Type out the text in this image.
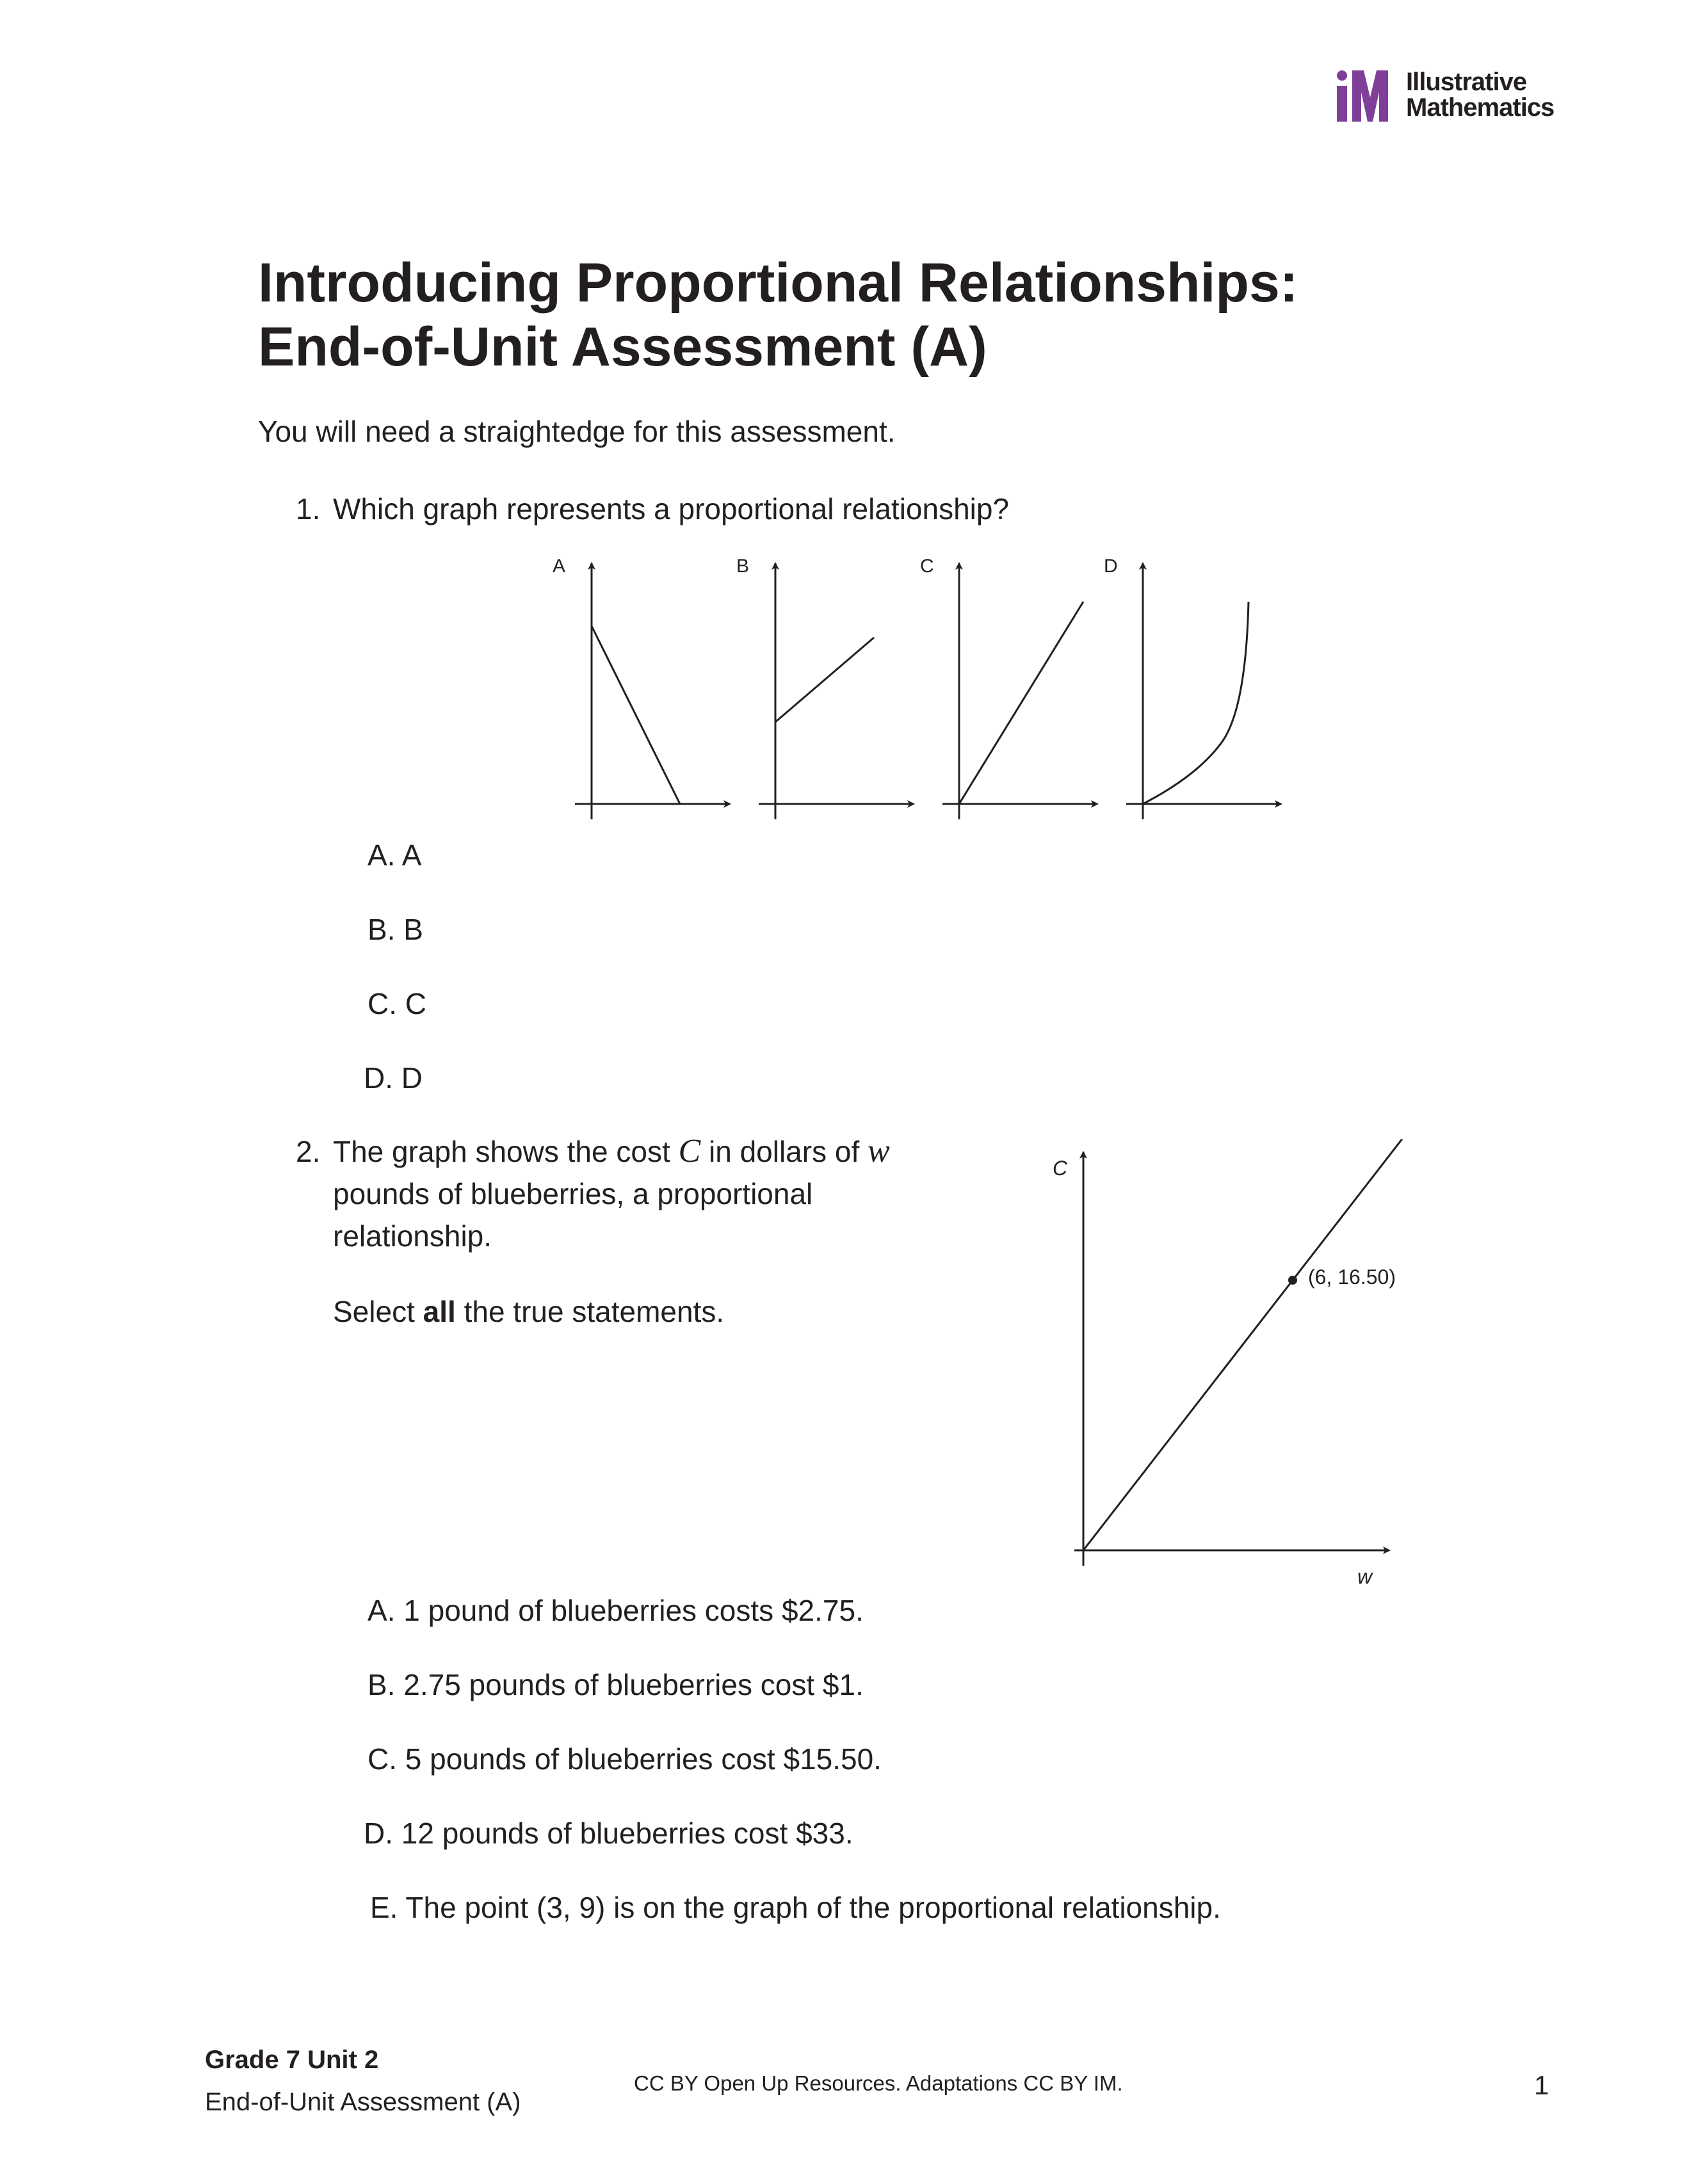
Illustrative
Mathematics
Introducing Proportional Relationships:
End-of-Unit Assessment (A)
You will need a straightedge for this assessment.
1. Which graph represents a proportional relationship?
A	B	C	D
A. A
B. B
C. C
D. D
2. The graph shows the cost C in dollars of w
pounds of blueberries, a proportional
relationship.
Select all the true statements.
C
w
(6, 16.50)
A. 1 pound of blueberries costs $2.75.
B. 2.75 pounds of blueberries cost $1.
C. 5 pounds of blueberries cost $15.50.
D. 12 pounds of blueberries cost $33.
E. The point (3, 9) is on the graph of the proportional relationship.
Grade 7 Unit 2
End-of-Unit Assessment (A)
CC BY Open Up Resources. Adaptations CC BY IM.	1
